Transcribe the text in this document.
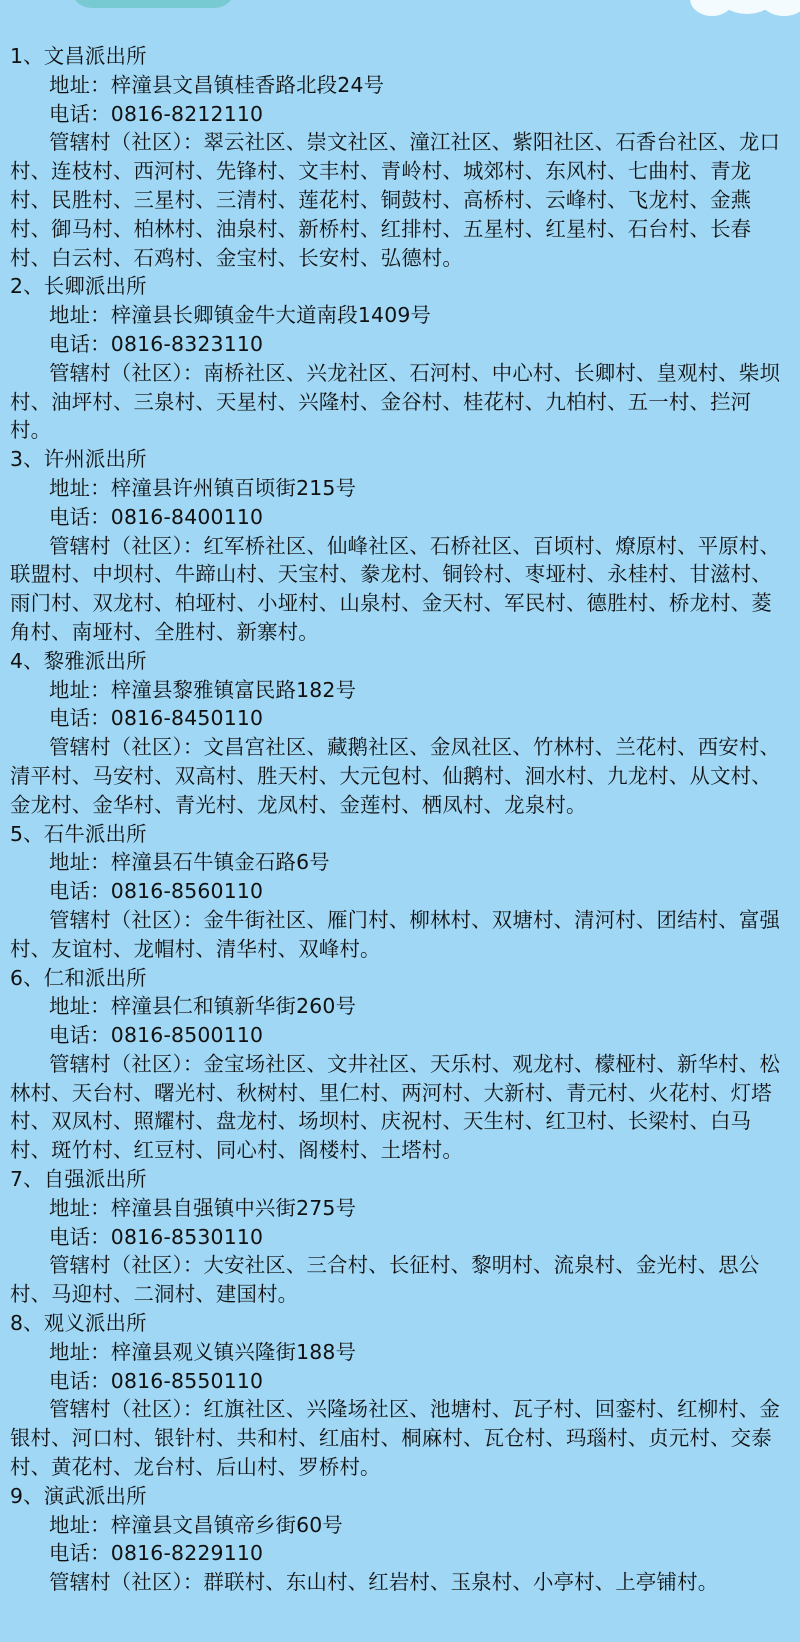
1、文昌派出所

地址：梓潼县文昌镇桂香路北段24号

电话：0816-8212110

管辖村（社区）：翠云社区、崇文社区、潼江社区、紫阳社区、石香台社区、龙口村、连枝村、西河村、先锋村、文丰村、青岭村、城郊村、东风村、七曲村、青龙村、民胜村、三星村、三清村、莲花村、铜鼓村、高桥村、云峰村、飞龙村、金燕村、御马村、柏林村、油泉村、新桥村、红排村、五星村、红星村、石台村、长春村、白云村、石鸡村、金宝村、长安村、弘德村。

2、长卿派出所

地址：梓潼县长卿镇金牛大道南段1409号

电话：0816-8323110

管辖村（社区）：南桥社区、兴龙社区、石河村、中心村、长卿村、皇观村、柴坝村、油坪村、三泉村、天星村、兴隆村、金谷村、桂花村、九柏村、五一村、拦河村。

3、许州派出所

地址：梓潼县许州镇百顷街215号

电话：0816-8400110

管辖村（社区）：红军桥社区、仙峰社区、石桥社区、百顷村、燎原村、平原村、联盟村、中坝村、牛蹄山村、天宝村、豢龙村、铜铃村、枣垭村、永桂村、甘滋村、雨门村、双龙村、柏垭村、小垭村、山泉村、金天村、军民村、德胜村、桥龙村、菱角村、南垭村、全胜村、新寨村。

4、黎雅派出所

地址：梓潼县黎雅镇富民路182号

电话：0816-8450110

管辖村（社区）：文昌宫社区、藏鹅社区、金凤社区、竹林村、兰花村、西安村、清平村、马安村、双高村、胜天村、大元包村、仙鹅村、洄水村、九龙村、从文村、金龙村、金华村、青光村、龙凤村、金莲村、栖凤村、龙泉村。

5、石牛派出所

地址：梓潼县石牛镇金石路6号

电话：0816-8560110

管辖村（社区）：金牛街社区、雁门村、柳林村、双塘村、清河村、团结村、富强村、友谊村、龙帽村、清华村、双峰村。

6、仁和派出所

地址：梓潼县仁和镇新华街260号

电话：0816-8500110

管辖村（社区）：金宝场社区、文井社区、天乐村、观龙村、檬桠村、新华村、松林村、天台村、曙光村、秋树村、里仁村、两河村、大新村、青元村、火花村、灯塔村、双凤村、照耀村、盘龙村、场坝村、庆祝村、天生村、红卫村、长梁村、白马村、斑竹村、红豆村、同心村、阁楼村、土塔村。

7、自强派出所

地址：梓潼县自强镇中兴街275号

电话：0816-8530110

管辖村（社区）：大安社区、三合村、长征村、黎明村、流泉村、金光村、思公村、马迎村、二洞村、建国村。

8、观义派出所

地址：梓潼县观义镇兴隆街188号

电话：0816-8550110

管辖村（社区）：红旗社区、兴隆场社区、池塘村、瓦子村、回銮村、红柳村、金银村、河口村、银针村、共和村、红庙村、桐麻村、瓦仓村、玛瑙村、贞元村、交泰村、黄花村、龙台村、后山村、罗桥村。

9、演武派出所

地址：梓潼县文昌镇帝乡街60号

电话：0816-8229110

管辖村（社区）：群联村、东山村、红岩村、玉泉村、小亭村、上亭铺村。
